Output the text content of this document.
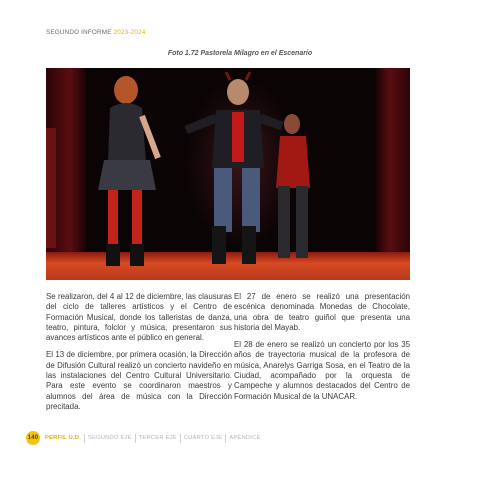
SEGUNDO INFORME 2023-2024
Foto 1.72 Pastorela Milagro en el Escenario

Se realizaron, del 4 al 12 de diciembre, las clausuras del ciclo de talleres artísticos y el Centro de Formación Musical, donde los talleristas de danza, teatro, pintura, folclor y música, presentaron sus avances artísticos ante el público en general.

El 13 de diciembre, por primera ocasión, la Dirección de Difusión Cultural realizó un concierto navideño en las instalaciones del Centro Cultural Universitario. Para este evento se coordinaron maestros y alumnos del área de música con la Dirección precitada.

El 27 de enero se realizó una presentación escénica denominada Monedas de Chocolate, una obra de teatro guiñol que presenta una historia del Mayab.

El 28 de enero se realizó un concierto por los 35 años de trayectoria musical de la profesora de música, Anarelys Garriga Sosa, en el Teatro de la Ciudad, acompañado por la orquesta de Campeche y alumnos destacados del Centro de Formación Musical de la UNACAR.

140 PERFIL U.D. SEGUNDO EJE TERCER EJE CUARTO EJE APÉNDICE
